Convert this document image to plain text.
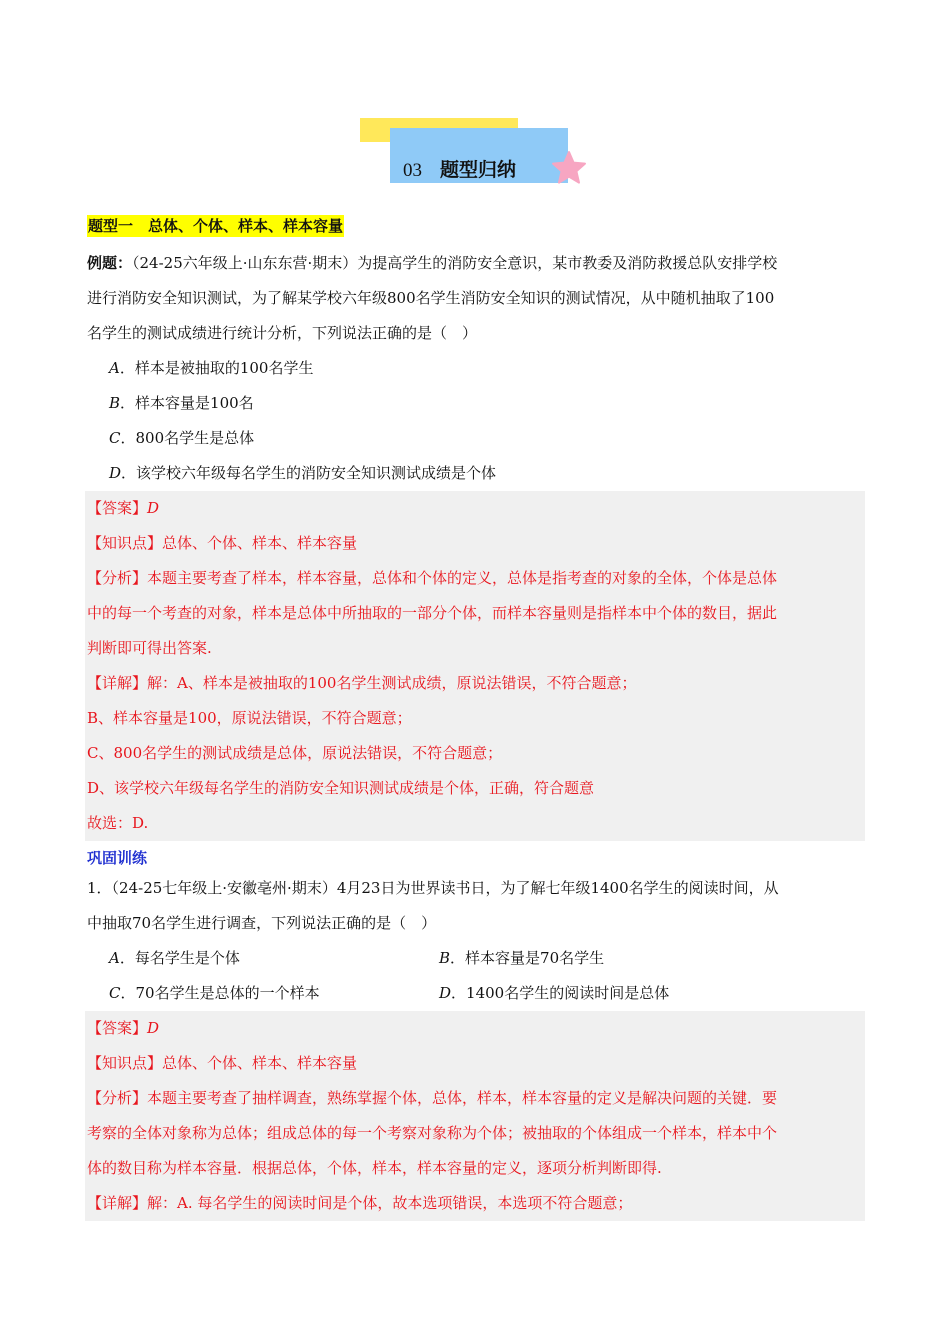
03 题型归纳
题型一　总体、个体、样本、样本容量
例题：（24-25六年级上·山东东营·期末）为提高学生的消防安全意识，某市教委及消防救援总队安排学校
进行消防安全知识测试，为了解某学校六年级800名学生消防安全知识的测试情况，从中随机抽取了100
名学生的测试成绩进行统计分析，下列说法正确的是（　）
A．样本是被抽取的100名学生
B．样本容量是100名
C．800名学生是总体
D．该学校六年级每名学生的消防安全知识测试成绩是个体
【答案】D
【知识点】总体、个体、样本、样本容量
【分析】本题主要考查了样本，样本容量，总体和个体的定义，总体是指考查的对象的全体，个体是总体
中的每一个考查的对象，样本是总体中所抽取的一部分个体，而样本容量则是指样本中个体的数目，据此
判断即可得出答案.
【详解】解：A、样本是被抽取的100名学生测试成绩，原说法错误，不符合题意；
B、样本容量是100，原说法错误，不符合题意；
C、800名学生的测试成绩是总体，原说法错误，不符合题意；
D、该学校六年级每名学生的消防安全知识测试成绩是个体，正确，符合题意
故选：D.
巩固训练
1．（24-25七年级上·安徽亳州·期末）4月23日为世界读书日，为了解七年级1400名学生的阅读时间，从
中抽取70名学生进行调查，下列说法正确的是（　）
A．每名学生是个体	B．样本容量是70名学生
C．70名学生是总体的一个样本	D．1400名学生的阅读时间是总体
【答案】D
【知识点】总体、个体、样本、样本容量
【分析】本题主要考查了抽样调查，熟练掌握个体，总体，样本，样本容量的定义是解决问题的关键．要
考察的全体对象称为总体；组成总体的每一个考察对象称为个体；被抽取的个体组成一个样本，样本中个
体的数目称为样本容量．根据总体，个体，样本，样本容量的定义，逐项分析判断即得.
【详解】解：A. 每名学生的阅读时间是个体，故本选项错误，本选项不符合题意；
